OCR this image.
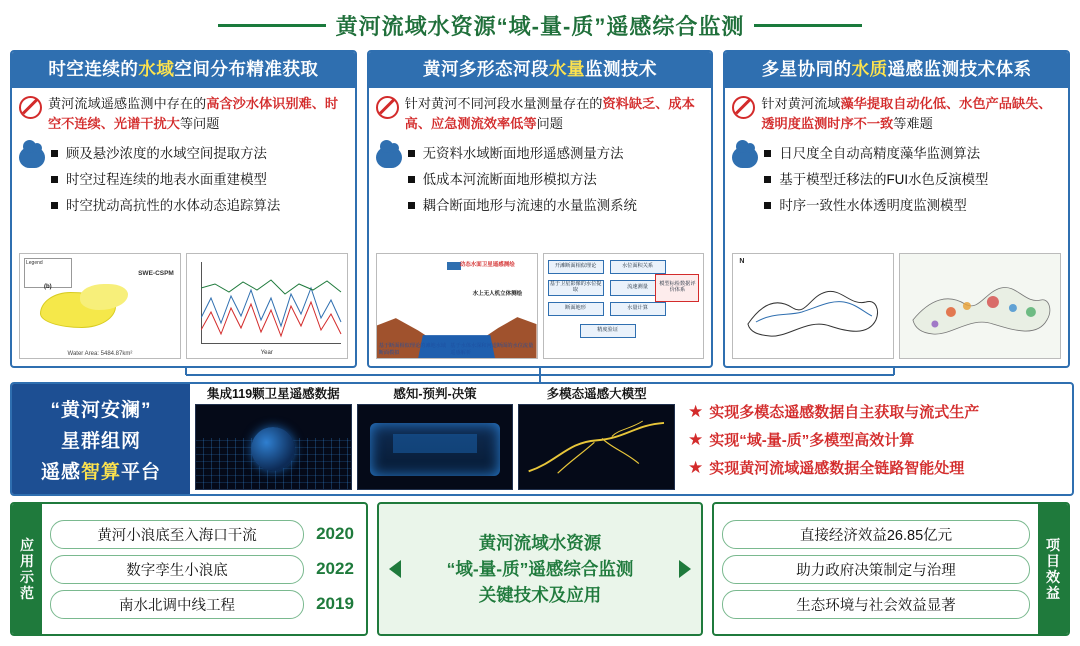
黄河流域水资源“域-量-质”遥感综合监测
时空连续的水域空间分布精准获取
黄河流域遥感监测中存在的高含沙水体识别难、时空不连续、光谱干扰大等问题
顾及悬沙浓度的水域空间提取方法
时空过程连续的地表水面重建模型
时空扰动高抗性的水体动态追踪算法
Legend
(b)
SWE-CSPM
Water Area: 5484.87km²	Year
黄河多形态河段水量监测技术
针对黄河不同河段水量测量存在的资料缺乏、成本高、应急测流效率低等问题
无资料水域断面地形遥感测量方法
低成本河流断面地形模拟方法
耦合断面地形与流速的水量监测系统
动态水面卫星遥感测绘
水下地形遥感测绘	水上无人机立体测绘
基于断面相似理论的滩地水域断面模拟
基于水体水深和河道断面的水位流量遥感解析
开滩断面相似理论	水位面积关系
基于卫星影像的水位提取	流速测量
断面地形	水量计算
模型标检数据评价体系
精度验证
多星协同的水质遥感监测技术体系
针对黄河流域藻华提取自动化低、水色产品缺失、透明度监测时序不一致等难题
日尺度全自动高精度藻华监测算法
基于模型迁移法的FUI水色反演模型
时序一致性水体透明度监测模型
N
“黄河安澜”
星群组网
遥感智算平台
集成119颗卫星遥感数据	感知-预判-决策	多模态遥感大模型
★ 实现多模态遥感数据自主获取与流式生产
★ 实现“域-量-质”多模型高效计算
★ 实现黄河流域遥感数据全链路智能处理
应用示范
黄河小浪底至入海口干流	2020
数字孪生小浪底	2022
南水北调中线工程	2019
黄河流域水资源
“域-量-质”遥感综合监测
关键技术及应用
直接经济效益26.85亿元
助力政府决策制定与治理
生态环境与社会效益显著
项目效益
